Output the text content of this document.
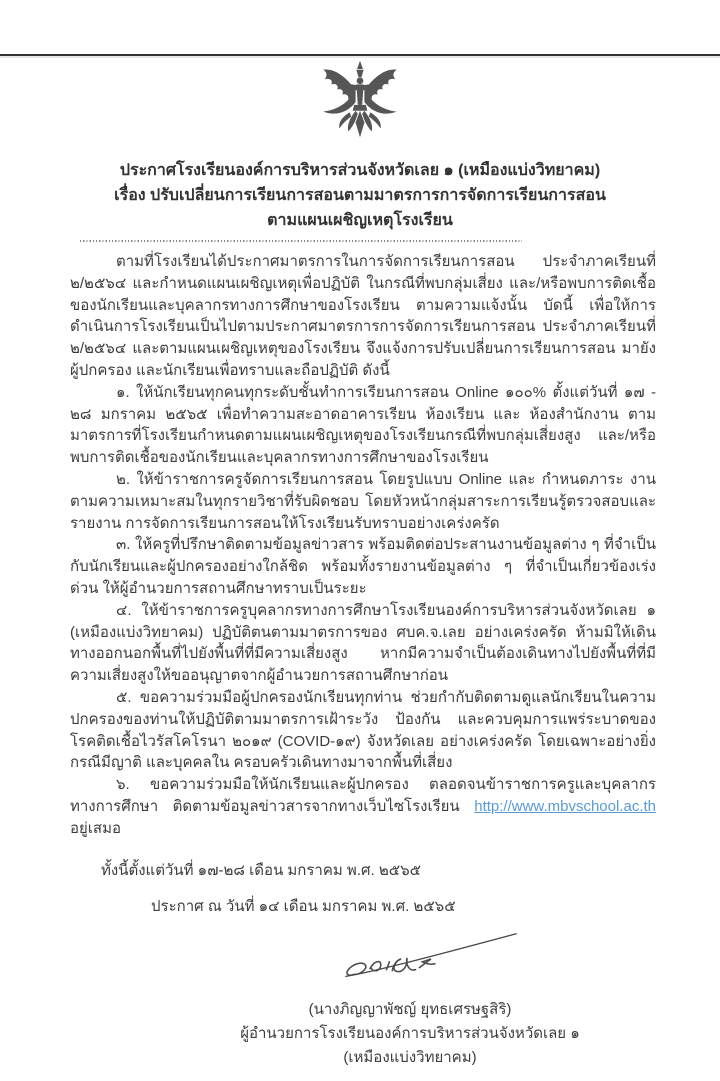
ประกาศโรงเรียนองค์การบริหารส่วนจังหวัดเลย ๑ (เหมืองแบ่งวิทยาคม)
เรื่อง ปรับเปลี่ยนการเรียนการสอนตามมาตรการการจัดการเรียนการสอน
ตามแผนเผชิญเหตุโรงเรียน

ตามที่โรงเรียนได้ประกาศมาตรการในการจัดการเรียนการสอน ประจำภาคเรียนที่ ๒/๒๕๖๔ และกำหนดแผนเผชิญเหตุเพื่อปฏิบัติ ในกรณีที่พบกลุ่มเสี่ยง และ/หรือพบการติดเชื้อของนักเรียนและบุคลากรทางการศึกษาของโรงเรียน ตามความแจ้งนั้น บัดนี้ เพื่อให้การดำเนินการโรงเรียนเป็นไปตามประกาศมาตรการการจัดการเรียนการสอน ประจำภาคเรียนที่ ๒/๒๕๖๔ และตามแผนเผชิญเหตุของโรงเรียน จึงแจ้งการปรับเปลี่ยนการเรียนการสอน มายังผู้ปกครอง และนักเรียนเพื่อทราบและถือปฏิบัติ ดังนี้

๑. ให้นักเรียนทุกคนทุกระดับชั้นทำการเรียนการสอน Online ๑๐๐% ตั้งแต่วันที่ ๑๗ - ๒๘ มกราคม ๒๕๖๕ เพื่อทำความสะอาดอาคารเรียน ห้องเรียน และ ห้องสำนักงาน ตามมาตรการที่โรงเรียนกำหนดตามแผนเผชิญเหตุของโรงเรียนกรณีที่พบกลุ่มเสี่ยงสูง และ/หรือพบการติดเชื้อของนักเรียนและบุคลากรทางการศึกษาของโรงเรียน

๒. ให้ข้าราชการครูจัดการเรียนการสอน โดยรูปแบบ Online และ กำหนดภาระ งานตามความเหมาะสมในทุกรายวิชาที่รับผิดชอบ โดยหัวหน้ากลุ่มสาระการเรียนรู้ตรวจสอบและรายงาน การจัดการเรียนการสอนให้โรงเรียนรับทราบอย่างเคร่งครัด

๓. ให้ครูที่ปรึกษาติดตามข้อมูลข่าวสาร พร้อมติดต่อประสานงานข้อมูลต่าง ๆ ที่จำเป็นกับนักเรียนและผู้ปกครองอย่างใกล้ชิด พร้อมทั้งรายงานข้อมูลต่าง ๆ ที่จำเป็นเกี่ยวข้องเร่งด่วน ให้ผู้อำนวยการสถานศึกษาทราบเป็นระยะ

๔. ให้ข้าราชการครูบุคลากรทางการศึกษาโรงเรียนองค์การบริหารส่วนจังหวัดเลย ๑ (เหมืองแบ่งวิทยาคม) ปฏิบัติตนตามมาตรการของ ศบค.จ.เลย อย่างเคร่งครัด ห้ามมิให้เดินทางออกนอกพื้นที่ไปยังพื้นที่ที่มีความเสี่ยงสูง หากมีความจำเป็นต้องเดินทางไปยังพื้นที่ที่มีความเสี่ยงสูงให้ขออนุญาตจากผู้อำนวยการสถานศึกษาก่อน

๕. ขอความร่วมมือผู้ปกครองนักเรียนทุกท่าน ช่วยกำกับติดตามดูแลนักเรียนในความปกครองของท่านให้ปฏิบัติตามมาตรการเฝ้าระวัง ป้องกัน และควบคุมการแพร่ระบาดของโรคติดเชื้อไวรัสโคโรนา ๒๐๑๙ (COVID-๑๙) จังหวัดเลย อย่างเคร่งครัด โดยเฉพาะอย่างยิ่งกรณีมีญาติ และบุคคลใน ครอบครัวเดินทางมาจากพื้นที่เสี่ยง

๖. ขอความร่วมมือให้นักเรียนและผู้ปกครอง ตลอดจนข้าราชการครูและบุคลากรทางการศึกษา ติดตามข้อมูลข่าวสารจากทางเว็บไซโรงเรียน http://www.mbvschool.ac.th อยู่เสมอ

ทั้งนี้ตั้งแต่วันที่ ๑๗-๒๘ เดือน มกราคม พ.ศ. ๒๕๖๕
ประกาศ ณ วันที่ ๑๔ เดือน มกราคม พ.ศ. ๒๕๖๕
(นางภิญญาพัชญ์ ยุทธเศรษฐสิริ)
ผู้อำนวยการโรงเรียนองค์การบริหารส่วนจังหวัดเลย ๑
(เหมืองแบ่งวิทยาคม)
